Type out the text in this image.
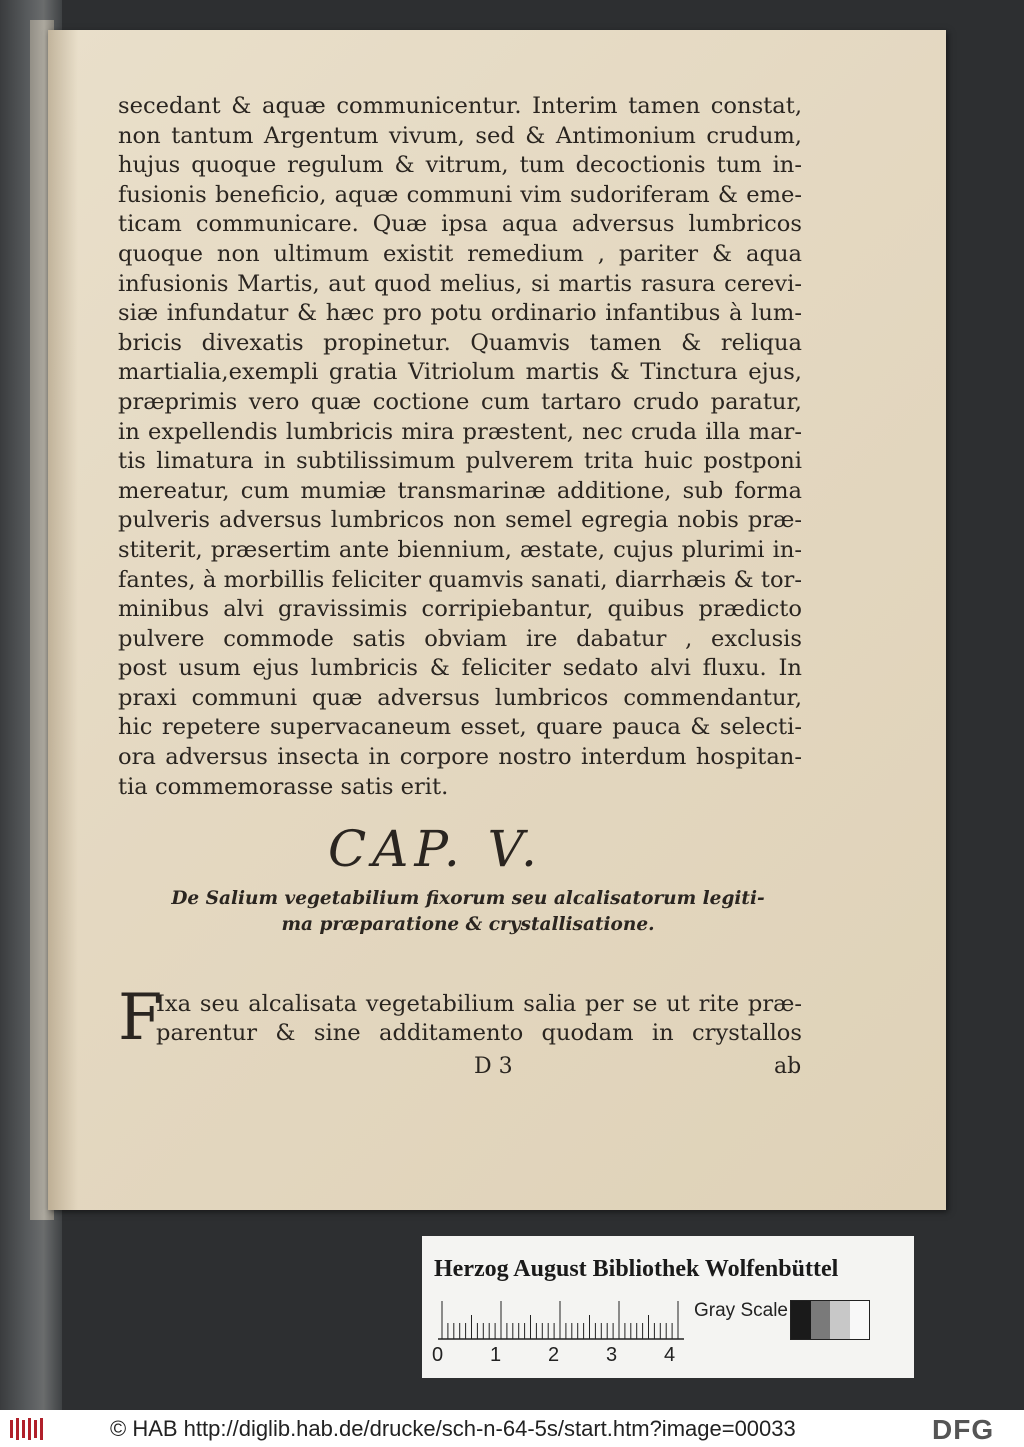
secedant & aquæ communicentur. Interim tamen constat,
non tantum Argentum vivum, sed & Antimonium crudum,
hujus quoque regulum & vitrum, tum decoctionis tum in-
fusionis beneficio, aquæ communi vim sudoriferam & eme-
ticam communicare. Quæ ipsa aqua adversus lumbricos
quoque non ultimum existit remedium , pariter & aqua
infusionis Martis, aut quod melius, si martis rasura cerevi-
siæ infundatur & hæc pro potu ordinario infantibus à lum-
bricis divexatis propinetur. Quamvis tamen & reliqua
martialia,exempli gratia Vitriolum martis & Tinctura ejus,
præprimis vero quæ coctione cum tartaro crudo paratur,
in expellendis lumbricis mira præstent, nec cruda illa mar-
tis limatura in subtilissimum pulverem trita huic postponi
mereatur, cum mumiæ transmarinæ additione, sub forma
pulveris adversus lumbricos non semel egregia nobis præ-
stiterit, præsertim ante biennium, æstate, cujus plurimi in-
fantes, à morbillis feliciter quamvis sanati, diarrhæis & tor-
minibus alvi gravissimis corripiebantur, quibus prædicto
pulvere commode satis obviam ire dabatur , exclusis
post usum ejus lumbricis & feliciter sedato alvi fluxu. In
praxi communi quæ adversus lumbricos commendantur,
hic repetere supervacaneum esset, quare pauca & selecti-
ora adversus insecta in corpore nostro interdum hospitan-
tia commemorasse satis erit.
CAP. V.
De Salium vegetabilium fixorum seu alcalisatorum legiti-
ma præparatione & crystallisatione.
F
Ixa seu alcalisata vegetabilium salia per se ut rite præ-
parentur & sine additamento quodam in crystallos
D 3	ab
Herzog August Bibliothek Wolfenbüttel
0 1 2 3 4
Gray Scale
© HAB http://diglib.hab.de/drucke/sch-n-64-5s/start.htm?image=00033	DFG
